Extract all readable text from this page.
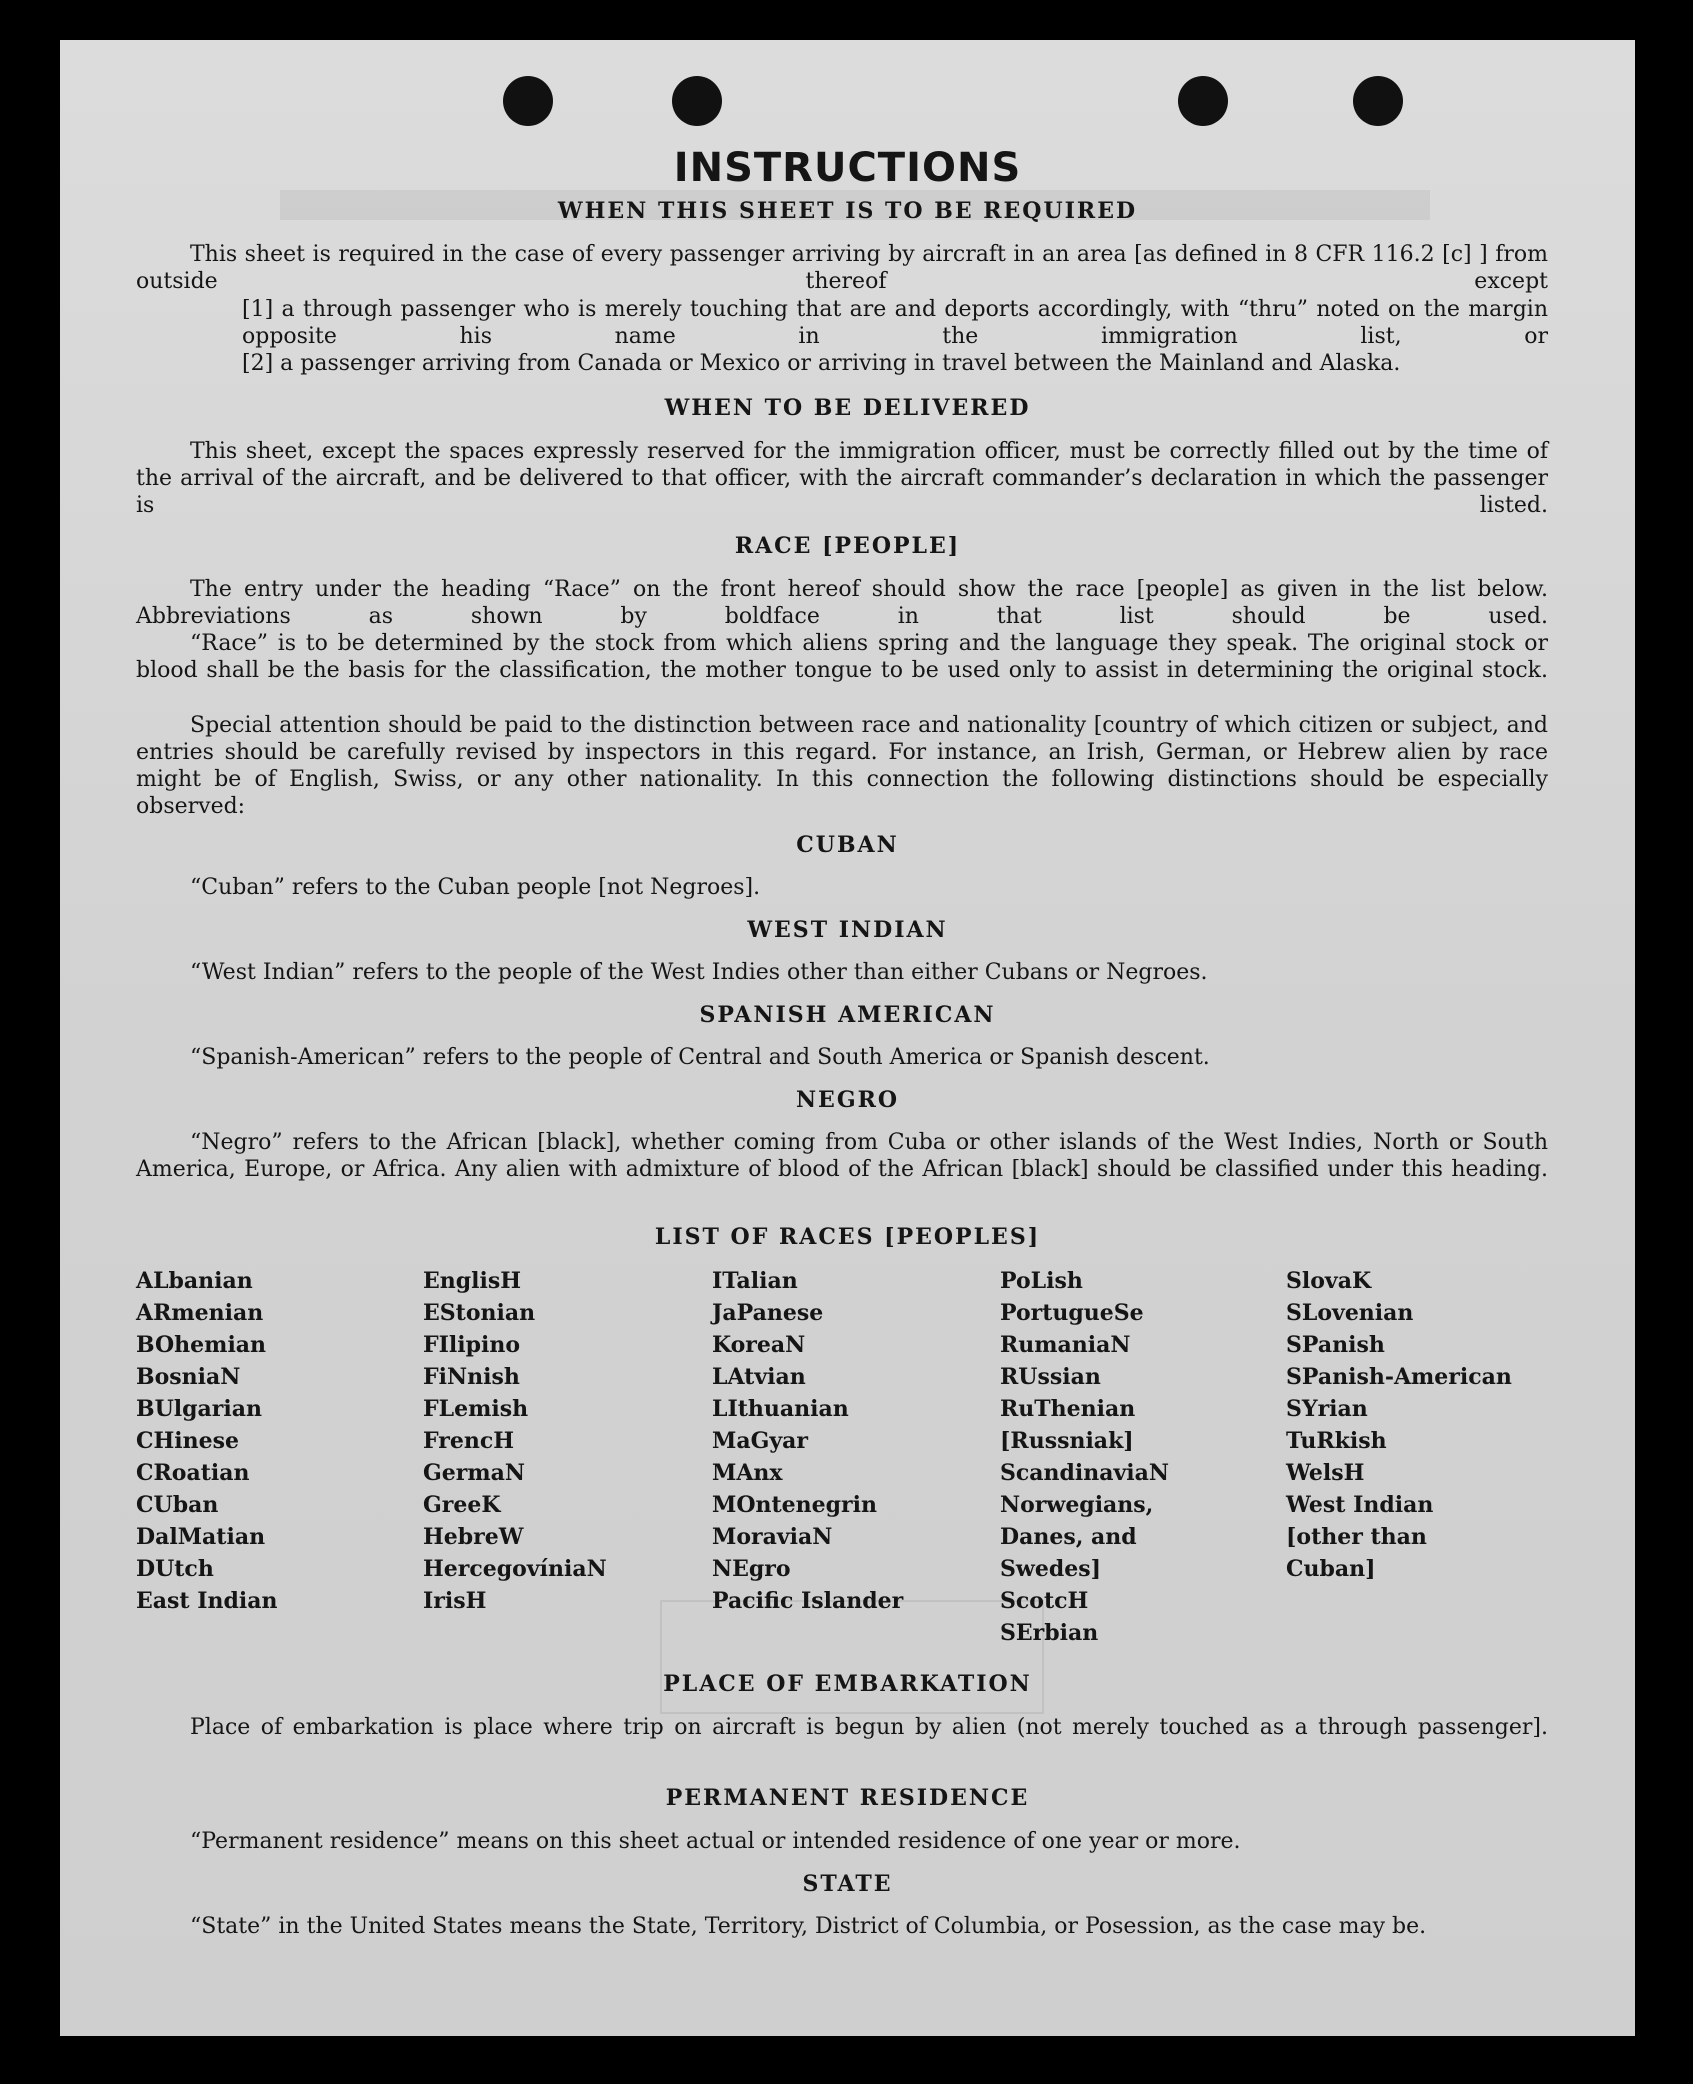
INSTRUCTIONS
WHEN THIS SHEET IS TO BE REQUIRED

This sheet is required in the case of every passenger arriving by aircraft in an area [as defined in 8 CFR 116.2 [c] ] from outside thereof except

[1] a through passenger who is merely touching that are and deports accordingly, with “thru” noted on the margin opposite his name in the immigration list, or

[2] a passenger arriving from Canada or Mexico or arriving in travel between the Mainland and Alaska.

WHEN TO BE DELIVERED

This sheet, except the spaces expressly reserved for the immigration officer, must be correctly filled out by the time of the arrival of the aircraft, and be delivered to that officer, with the aircraft commander’s declaration in which the passenger is listed.

RACE [PEOPLE]

The entry under the heading “Race” on the front hereof should show the race [people] as given in the list below. Abbreviations as shown by boldface in that list should be used.

“Race” is to be determined by the stock from which aliens spring and the language they speak. The original stock or blood shall be the basis for the classification, the mother tongue to be used only to assist in determining the original stock.

Special attention should be paid to the distinction between race and nationality [country of which citizen or subject, and entries should be carefully revised by inspectors in this regard. For instance, an Irish, German, or Hebrew alien by race might be of English, Swiss, or any other nationality. In this connection the following distinctions should be especially observed:

CUBAN

“Cuban” refers to the Cuban people [not Negroes].

WEST INDIAN

“West Indian” refers to the people of the West Indies other than either Cubans or Negroes.

SPANISH AMERICAN

“Spanish-American” refers to the people of Central and South America or Spanish descent.

NEGRO

“Negro” refers to the African [black], whether coming from Cuba or other islands of the West Indies, North or South America, Europe, or Africa. Any alien with admixture of blood of the African [black] should be classified under this heading.

LIST OF RACES [PEOPLES]
ALbanian
ARmenian
BOhemian
BosniaN
BUlgarian
CHinese
CRoatian
CUban
DalMatian
DUtch
East Indian
EnglisH
EStonian
FIlipino
FiNnish
FLemish
FrencH
GermaN
GreeK
HebreW
HercegovíniaN
IrisH
ITalian
JaPanese
KoreaN
LAtvian
LIthuanian
MaGyar
MAnx
MOntenegrin
MoraviaN
NEgro
Pacific Islander
PoLish
PortugueSe
RumaniaN
RUssian
RuThenian [Russniak]
ScandinaviaN Norwegians, Danes, and Swedes]
ScotcH
SErbian
SlovaK
SLovenian
SPanish
SPanish-American
SYrian
TuRkish
WelsH
West Indian [other than Cuban]
PLACE OF EMBARKATION

Place of embarkation is place where trip on aircraft is begun by alien (not merely touched as a through passenger].

PERMANENT RESIDENCE

“Permanent residence” means on this sheet actual or intended residence of one year or more.

STATE

“State” in the United States means the State, Territory, District of Columbia, or Posession, as the case may be.
